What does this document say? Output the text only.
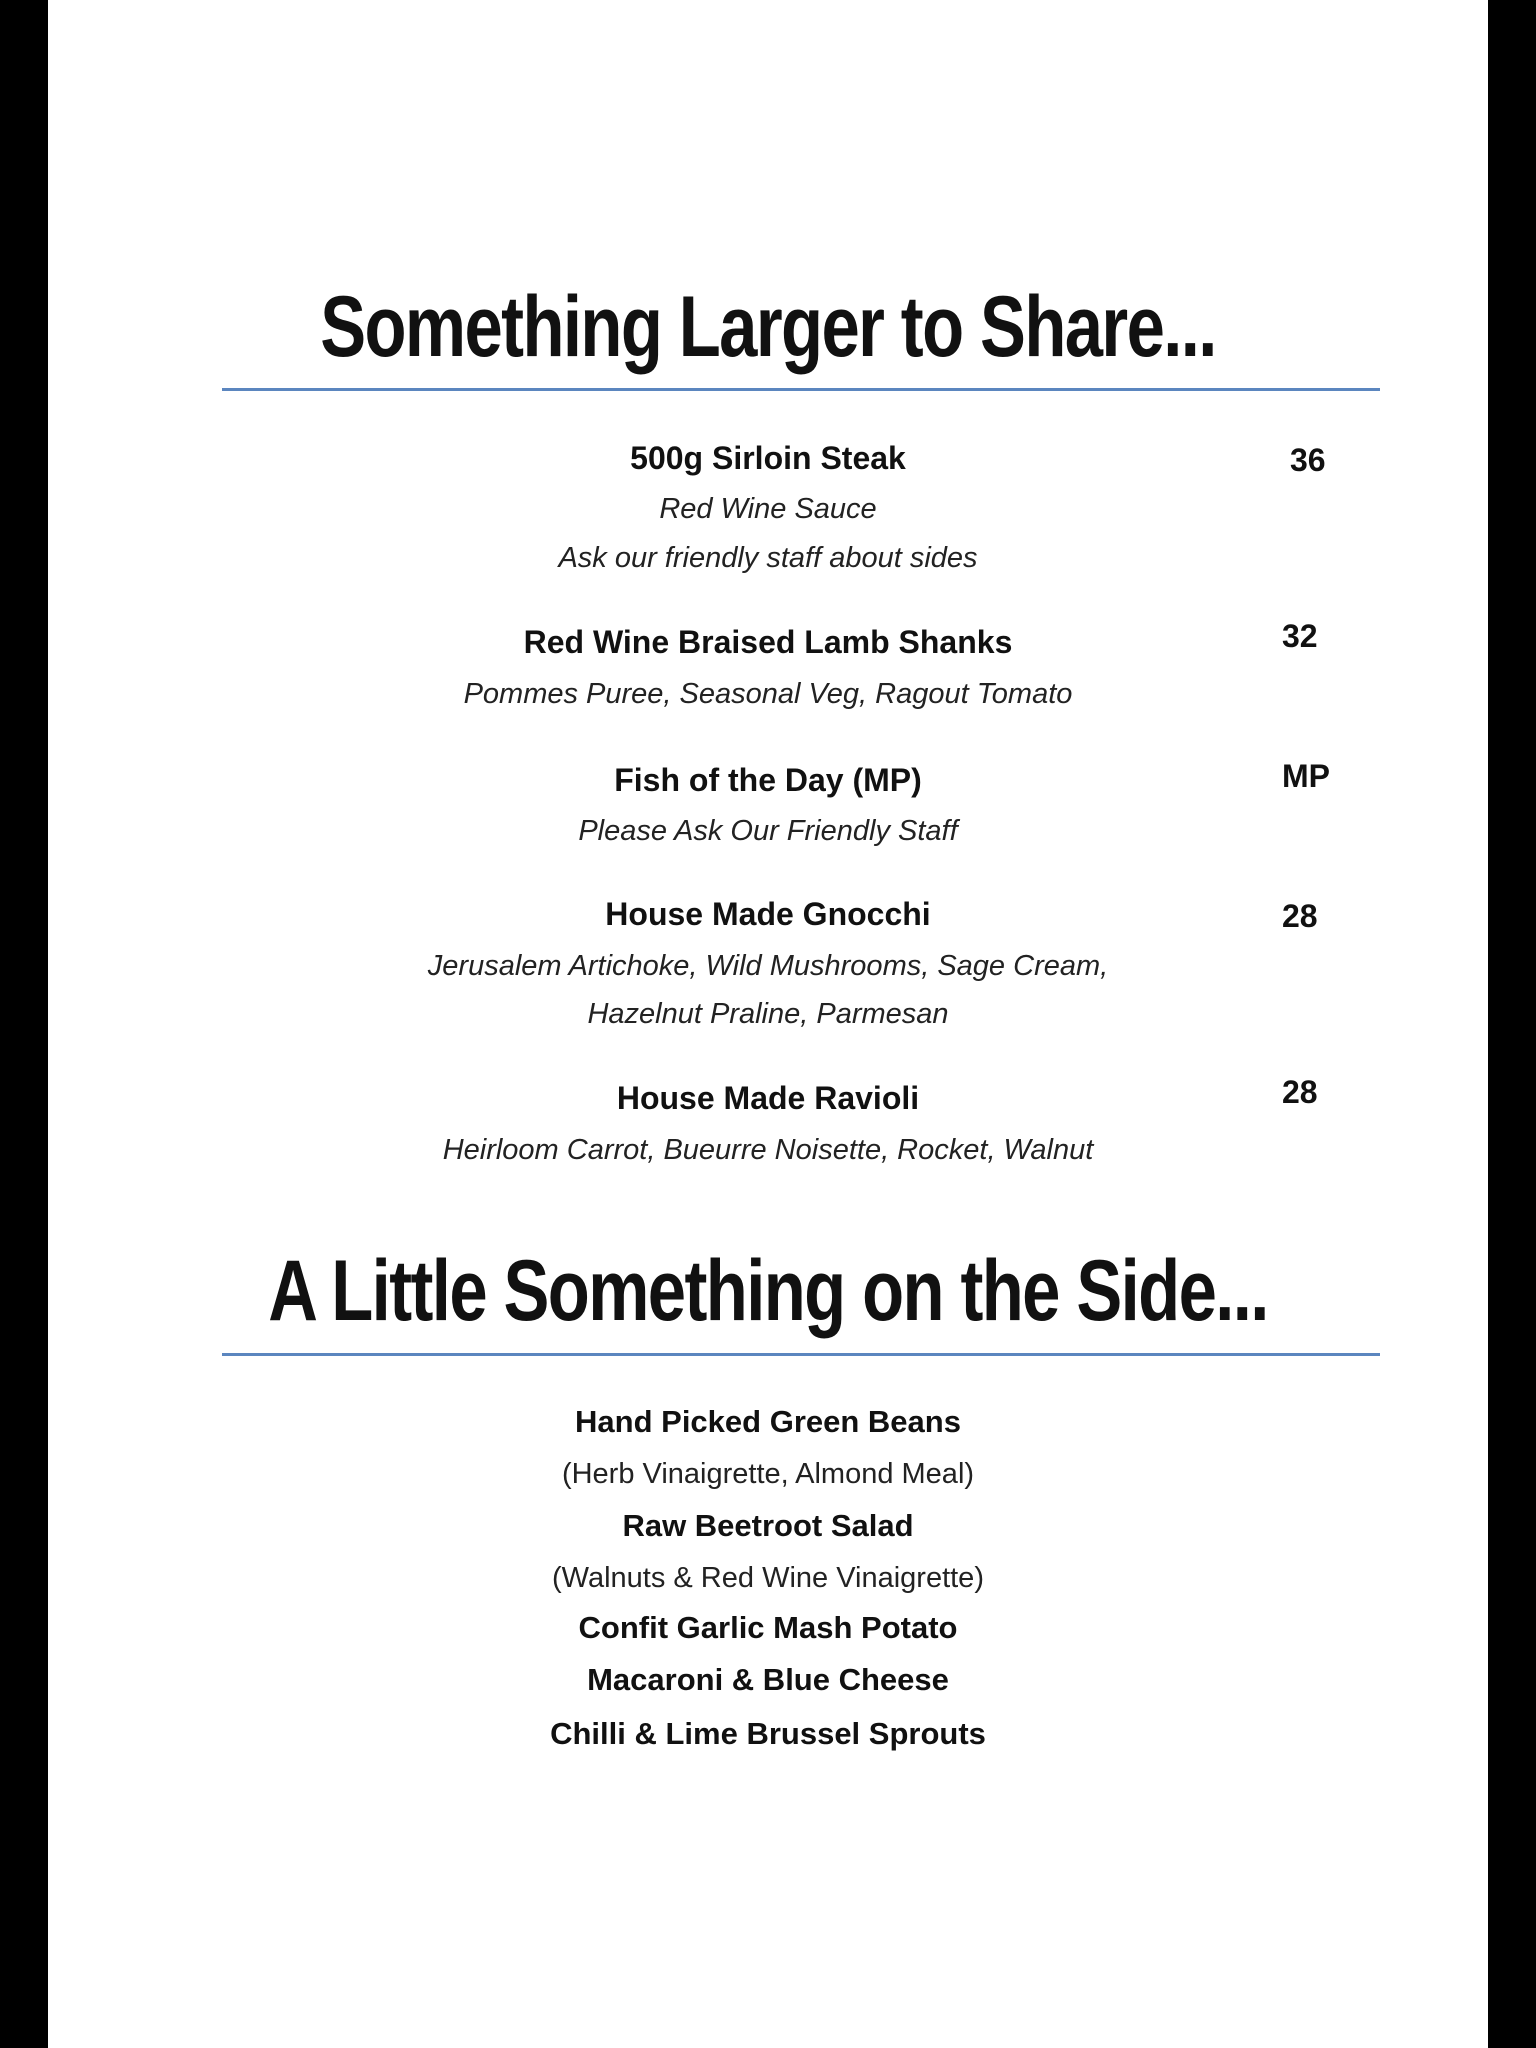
Something Larger to Share...
500g Sirloin Steak	36
Red Wine Sauce
Ask our friendly staff about sides
Red Wine Braised Lamb Shanks	32
Pommes Puree, Seasonal Veg, Ragout Tomato
Fish of the Day (MP)	MP
Please Ask Our Friendly Staff
House Made Gnocchi	28
Jerusalem Artichoke, Wild Mushrooms, Sage Cream,
Hazelnut Praline, Parmesan
House Made Ravioli	28
Heirloom Carrot, Bueurre Noisette, Rocket, Walnut
A Little Something on the Side...
Hand Picked Green Beans
(Herb Vinaigrette, Almond Meal)
Raw Beetroot Salad
(Walnuts & Red Wine Vinaigrette)
Confit Garlic Mash Potato
Macaroni & Blue Cheese
Chilli & Lime Brussel Sprouts
